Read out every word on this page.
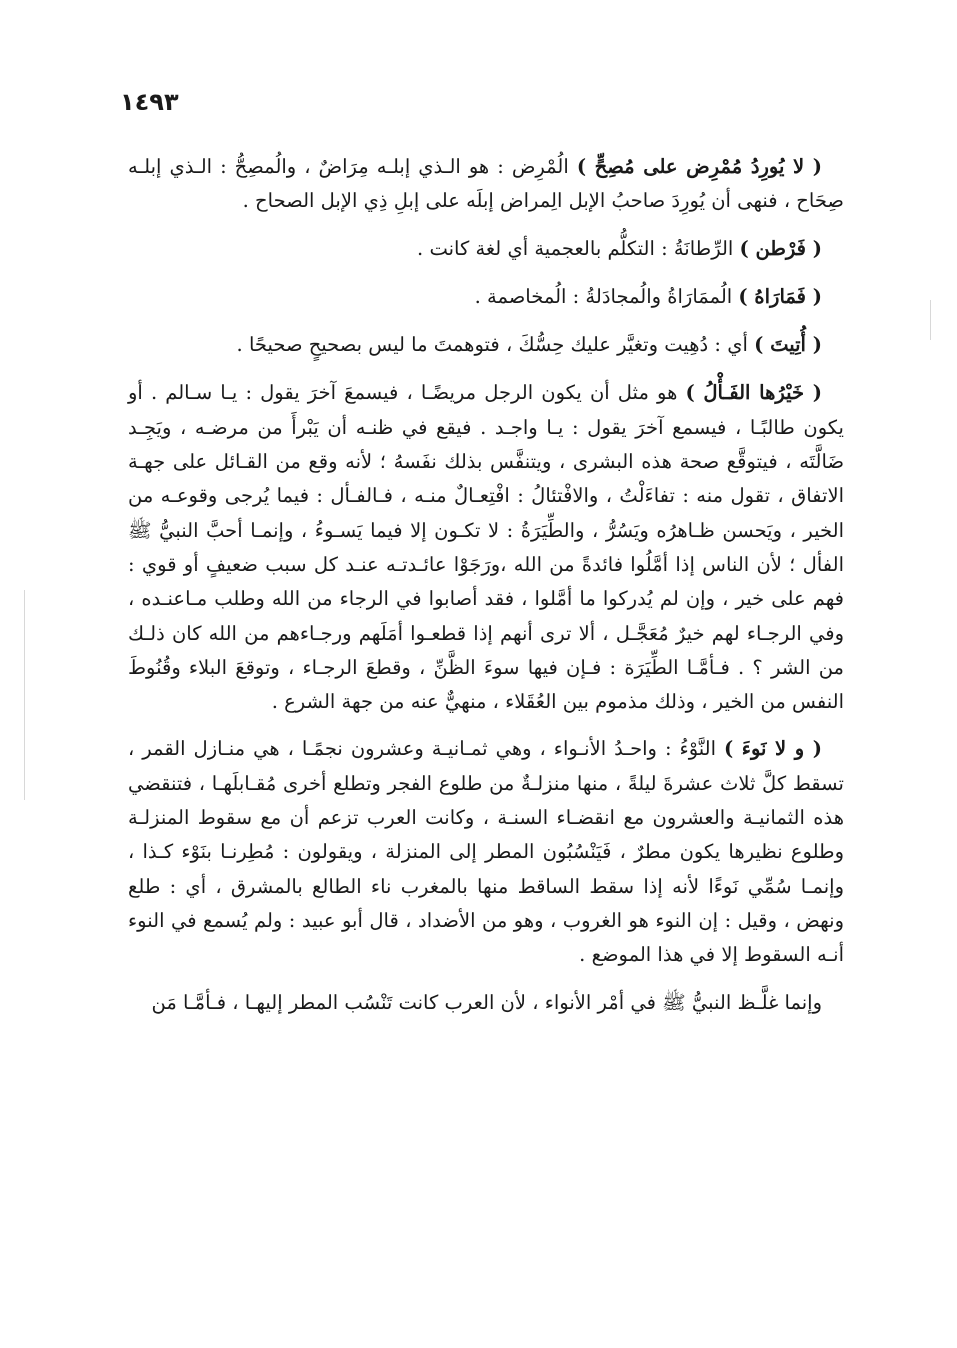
١٤٩٣

( لا يُورِدُ مُمْرِض على مُصِحٍّ ) الُمْرِض : هو الـذي إبلـه مِرَاضٌ ، والُمصِحُّ : الـذي إبلـه صِحَاح ، فنهى أن يُورِدَ صاحبُ الإبل الِمراض إبلَه على إبلِ ذِي الإبل الصحاح .

( فَرْطن ) الرِّطانَةُ : التكلُّم بالعجمية أي لغة كانت .

( فَمَارَاهُ ) الُممَارَاةُ والُمجادَلةُ : الُمخاصمة .

( أُتِيتَ ) أي : دُهِيت وتغيَّر عليك حِسُّكَ ، فتوهمتَ ما ليس بصحيحٍ صحيحًا .

( خَيْرُها الفَـأْلُ ) هو مثل أن يكون الرجل مريضًـا ، فيسمعَ آخرَ يقول : يـا سـالم . أو يكون طالبًـا ، فيسمع آخرَ يقول : يـا واجـد . فيقع في ظنـه أن يَبْرأَ من مرضـه ، ويَجِـد ضَالَّتَه ، فيتوقَّع صحة هذه البشرى ، ويتنفَّس بذلك نفَسهُ ؛ لأنه وقع من القـائل على جهـة الاتفاق ، تقول منه : تفاءَلْتُ ، والافْتئالُ : افْتِعـالٌ منـه ، فـالفـأل : فيما يُرجى وقوعـه من الخير ، ويَحسن ظـاهرُه ويَسُرُّ ، والطِّيَرَةُ : لا تكـون إلا فيما يَسـوءُ ، وإنمـا أحبَّ النبيُّ ﷺ الفأل ؛ لأن الناس إذا أمَّلُوا فائدةً من الله ،ورَجَوْا عائـدتـه عنـد كل سبب ضعيفٍ أو قوي : فهم على خير ، وإن لم يُدركوا ما أمَّلوا ، فقد أصابوا في الرجاء من الله وطلب مـاعنـده ، وفي الرجـاء لهم خيرٌ مُعَجَّـل ، ألا ترى أنهم إذا قطعـوا أمَلَهم ورجـاءهم من الله كان ذلـك من الشر ؟ . فـأمَّـا الطِّيَرَة : فـإن فيها سوءَ الظَّنِّ ، وقطعَ الرجـاء ، وتوقعَ البلاء وقُنُوطَ النفس من الخير ، وذلك مذموم بين العُقَلاء ، منهيٌّ عنه من جهة الشرع .

( و لا نَوءَ ) النَّوْءُ : واحـدُ الأنـواء ، وهي ثمـانيـة وعشرون نجمًـا ، هي منـازل القمر ، تسقط كلَّ ثلاث عشرةَ ليلةً ، منها منزلـةٌ من طلوع الفجر وتطلع أخرى مُقـابلَهـا ، فتنقضي هذه الثمانيـة والعشرون مع انقضـاء السنـة ، وكانت العرب تزعم أن مع سقوط المنزلـة وطلوع نظيرها يكون مطرٌ ، فَيَنْسُبُون المطر إلى المنزلة ، ويقولون : مُطِرنـا بنَوْء كـذا ، وإنمـا سُمِّي نَوءًا لأنه إذا سقط الساقط منها بالمغرب ناء الطالع بالمشرق ، أي : طلع ونهض ، وقيل : إن النوء هو الغروب ، وهو من الأضداد ، قال أبو عبيد : ولم يُسمع في النوء أنـه السقوط إلا في هذا الموضع .

وإنما غلَّـظ النبيُّ ﷺ في أمْر الأنواء ، لأن العرب كانت تَنْسُب المطر إليهـا ، فـأمَّـا مَن
